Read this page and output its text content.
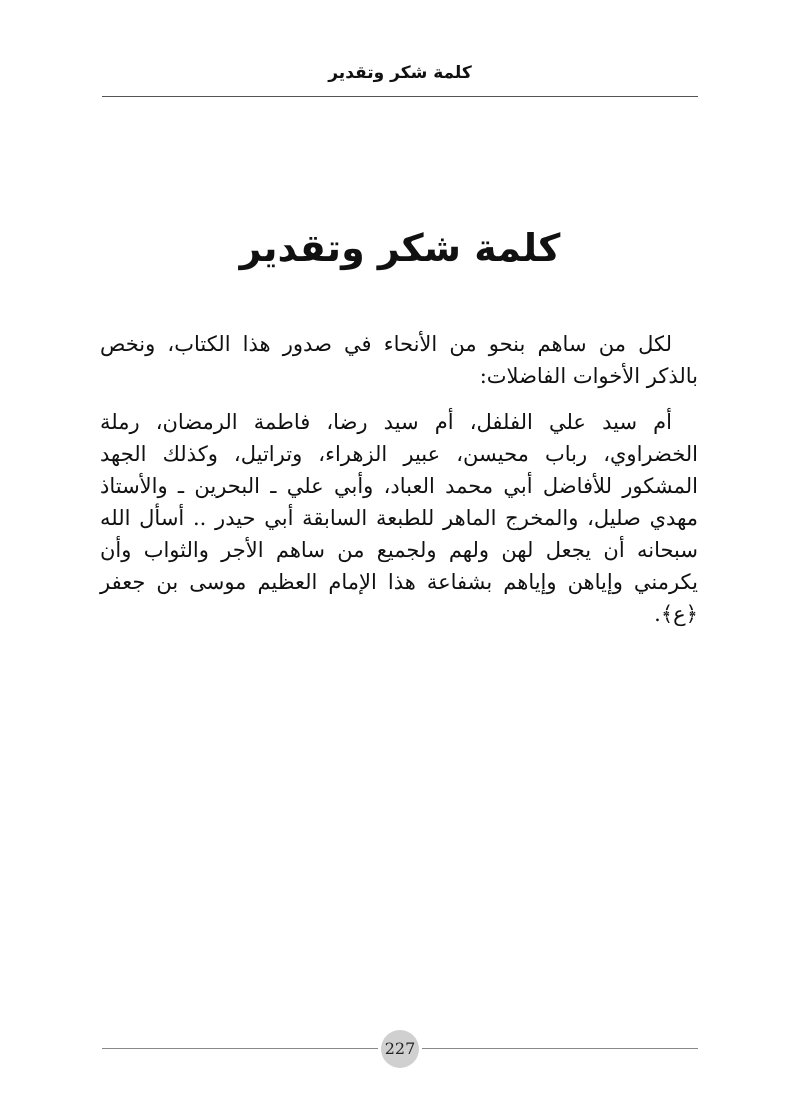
كلمة شكر وتقدير
كلمة شكر وتقدير

لكل من ساهم بنحو من الأنحاء في صدور هذا الكتاب، ونخص بالذكر الأخوات الفاضلات:

أم سيد علي الفلفل، أم سيد رضا، فاطمة الرمضان، رملة الخضراوي، رباب محيسن، عبير الزهراء، وتراتيل، وكذلك الجهد المشكور للأفاضل أبي محمد العباد، وأبي علي ـ البحرين ـ والأستاذ مهدي صليل، والمخرج الماهر للطبعة السابقة أبي حيدر .. أسأل الله سبحانه أن يجعل لهن ولهم ولجميع من ساهم الأجر والثواب وأن يكرمني وإياهن وإياهم بشفاعة هذا الإمام العظيم موسى بن جعفر ﴿ع﴾.

227
